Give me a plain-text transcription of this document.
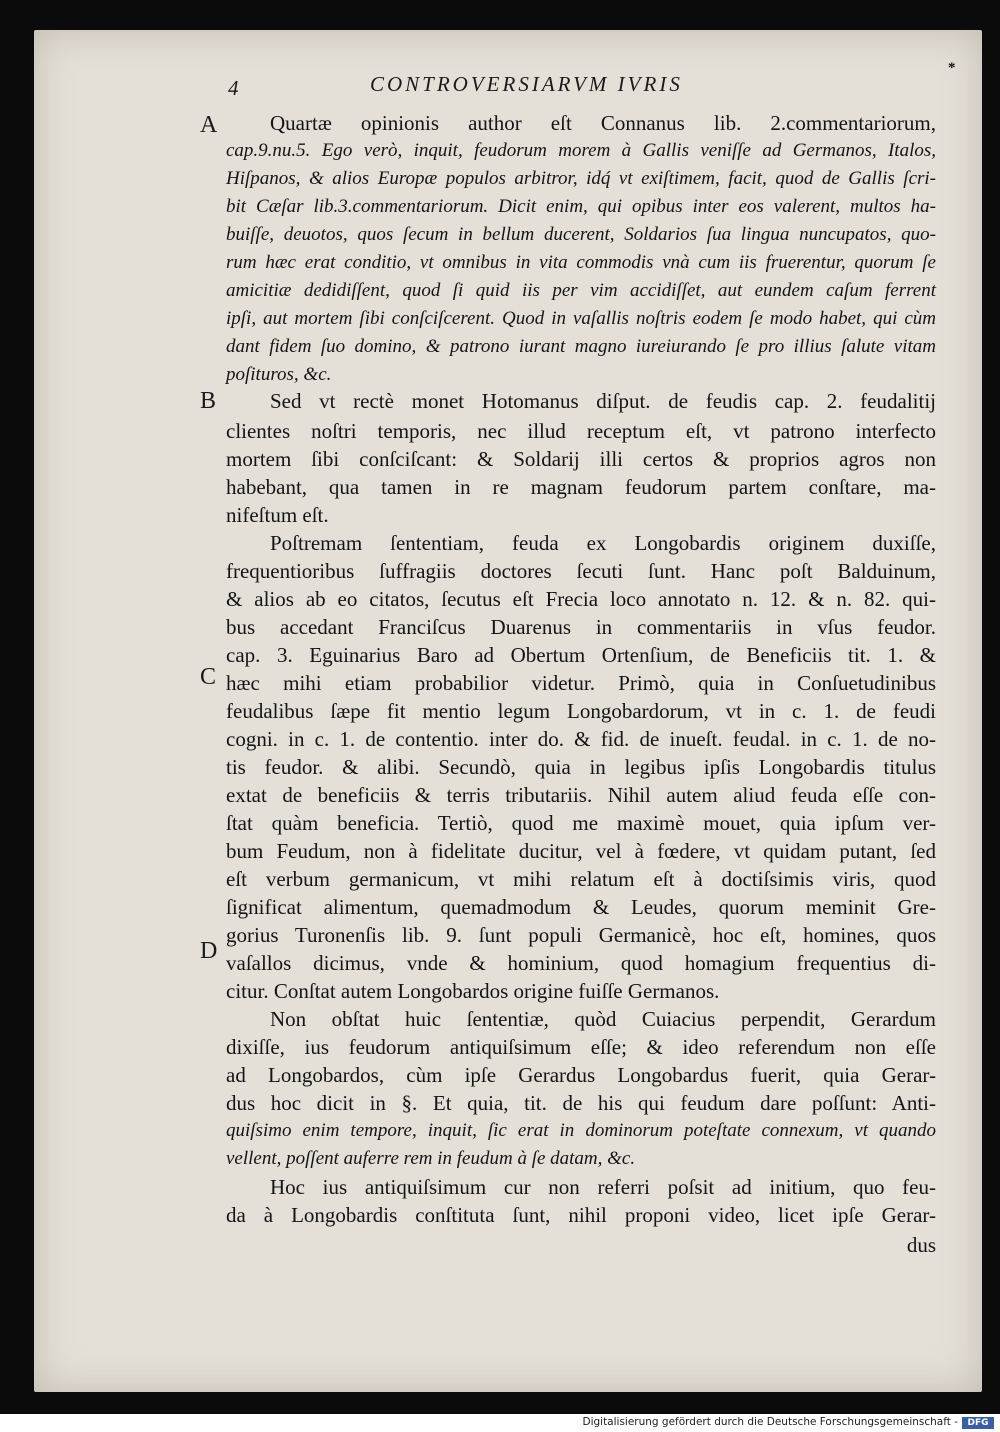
4	CONTROVERSIARVM IVRIS
*
A
B
C
D
Quartæ opinionis author eſt Connanus lib. 2.commentariorum,
cap.9.nu.5. Ego verò, inquit, feudorum morem à Gallis veniſſe ad Germanos, Italos,
Hiſpanos, & alios Europæ populos arbitror, idq́ vt exiſtimem, facit, quod de Gallis ſcri-
bit Cæſar lib.3.commentariorum. Dicit enim, qui opibus inter eos valerent, multos ha-
buiſſe, deuotos, quos ſecum in bellum ducerent, Soldarios ſua lingua nuncupatos, quo-
rum hæc erat conditio, vt omnibus in vita commodis vnà cum iis fruerentur, quorum ſe
amicitiæ dedidiſſent, quod ſi quid iis per vim accidiſſet, aut eundem caſum ferrent
ipſi, aut mortem ſibi conſciſcerent. Quod in vaſallis noſtris eodem ſe modo habet, qui cùm
dant fidem ſuo domino, & patrono iurant magno iureiurando ſe pro illius ſalute vitam
poſituros, &c.
Sed vt rectè monet Hotomanus diſput. de feudis cap. 2. feudalitij
clientes noſtri temporis, nec illud receptum eſt, vt patrono interfecto
mortem ſibi conſciſcant: & Soldarij illi certos & proprios agros non
habebant, qua tamen in re magnam feudorum partem conſtare, ma-
nifeſtum eſt.
Poſtremam ſententiam, feuda ex Longobardis originem duxiſſe,
frequentioribus ſuffragiis doctores ſecuti ſunt. Hanc poſt Balduinum,
& alios ab eo citatos, ſecutus eſt Frecia loco annotato n. 12. & n. 82. qui-
bus accedant Franciſcus Duarenus in commentariis in vſus feudor.
cap. 3. Eguinarius Baro ad Obertum Ortenſium, de Beneficiis tit. 1. &
hæc mihi etiam probabilior videtur. Primò, quia in Conſuetudinibus
feudalibus ſæpe fit mentio legum Longobardorum, vt in c. 1. de feudi
cogni. in c. 1. de contentio. inter do. & fid. de inueſt. feudal. in c. 1. de no-
tis feudor. & alibi. Secundò, quia in legibus ipſis Longobardis titulus
extat de beneficiis & terris tributariis. Nihil autem aliud feuda eſſe con-
ſtat quàm beneficia. Tertiò, quod me maximè mouet, quia ipſum ver-
bum Feudum, non à fidelitate ducitur, vel à fœdere, vt quidam putant, ſed
eſt verbum germanicum, vt mihi relatum eſt à doctiſsimis viris, quod
ſignificat alimentum, quemadmodum & Leudes, quorum meminit Gre-
gorius Turonenſis lib. 9. ſunt populi Germanicè, hoc eſt, homines, quos
vaſallos dicimus, vnde & hominium, quod homagium frequentius di-
citur. Conſtat autem Longobardos origine fuiſſe Germanos.
Non obſtat huic ſententiæ, quòd Cuiacius perpendit, Gerardum
dixiſſe, ius feudorum antiquiſsimum eſſe; & ideo referendum non eſſe
ad Longobardos, cùm ipſe Gerardus Longobardus fuerit, quia Gerar-
dus hoc dicit in §. Et quia, tit. de his qui feudum dare poſſunt: Anti-
quiſsimo enim tempore, inquit, ſic erat in dominorum poteſtate connexum, vt quando
vellent, poſſent auferre rem in feudum à ſe datam, &c.
Hoc ius antiquiſsimum cur non referri poſsit ad initium, quo feu-
da à Longobardis conſtituta ſunt, nihil proponi video, licet ipſe Gerar-
dus
Digitalisierung gefördert durch die Deutsche Forschungsgemeinschaft -	DFG
